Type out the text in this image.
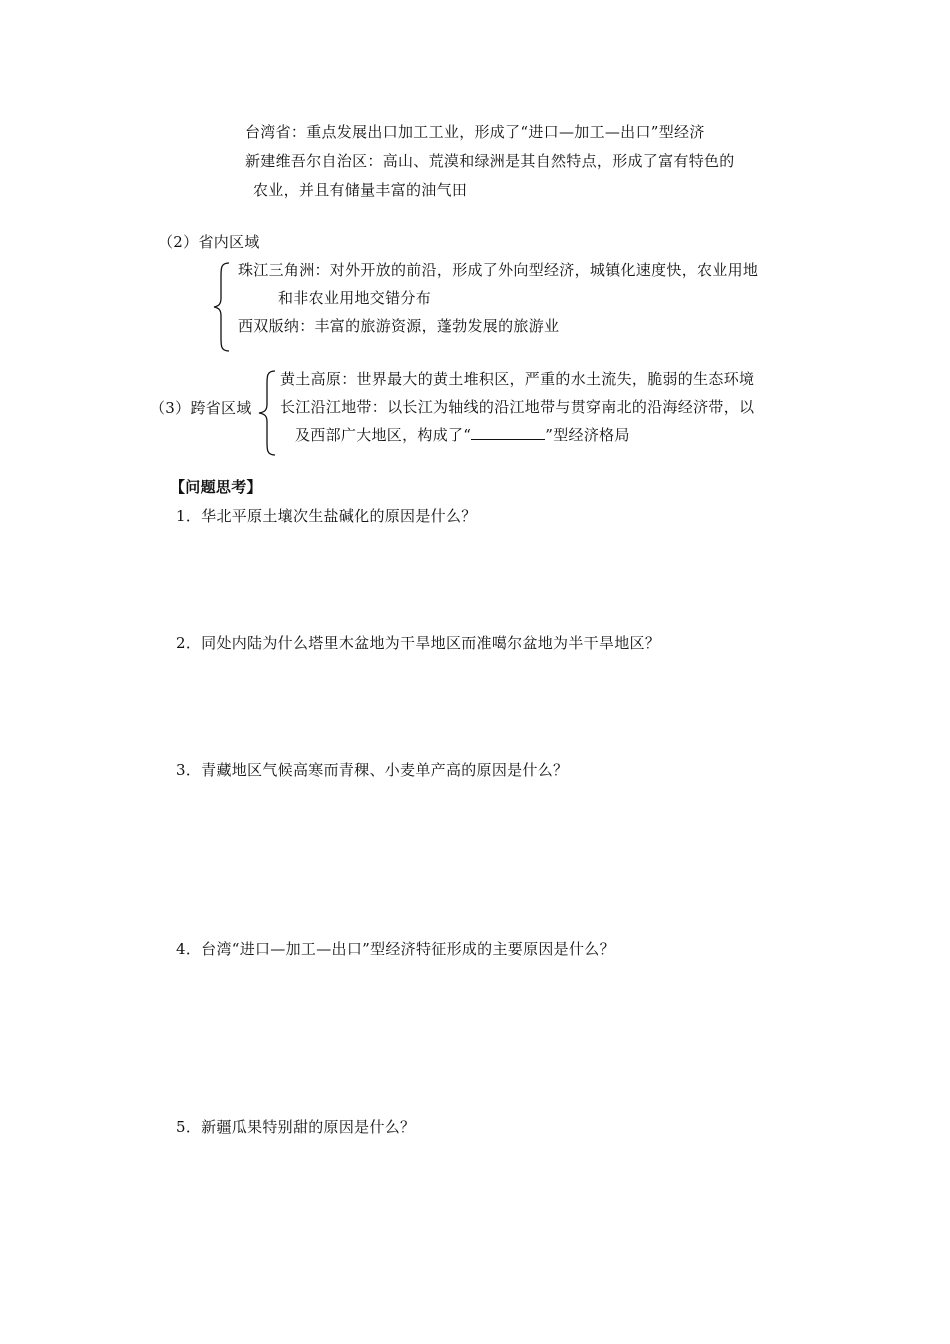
台湾省：重点发展出口加工工业，形成了“进口—加工—出口”型经济
新建维吾尔自治区：高山、荒漠和绿洲是其自然特点，形成了富有特色的
农业，并且有储量丰富的油气田
（2）省内区域
珠江三角洲：对外开放的前沿，形成了外向型经济，城镇化速度快，农业用地
和非农业用地交错分布
西双版纳：丰富的旅游资源，蓬勃发展的旅游业
（3）跨省区域
黄土高原：世界最大的黄土堆积区，严重的水土流失，脆弱的生态环境
长江沿江地带：以长江为轴线的沿江地带与贯穿南北的沿海经济带，以
及西部广大地区，构成了“	”型经济格局
【问题思考】
1．华北平原土壤次生盐碱化的原因是什么？
2．同处内陆为什么塔里木盆地为干旱地区而准噶尔盆地为半干旱地区？
3．青藏地区气候高寒而青稞、小麦单产高的原因是什么？
4．台湾“进口—加工—出口”型经济特征形成的主要原因是什么？
5．新疆瓜果特别甜的原因是什么？
